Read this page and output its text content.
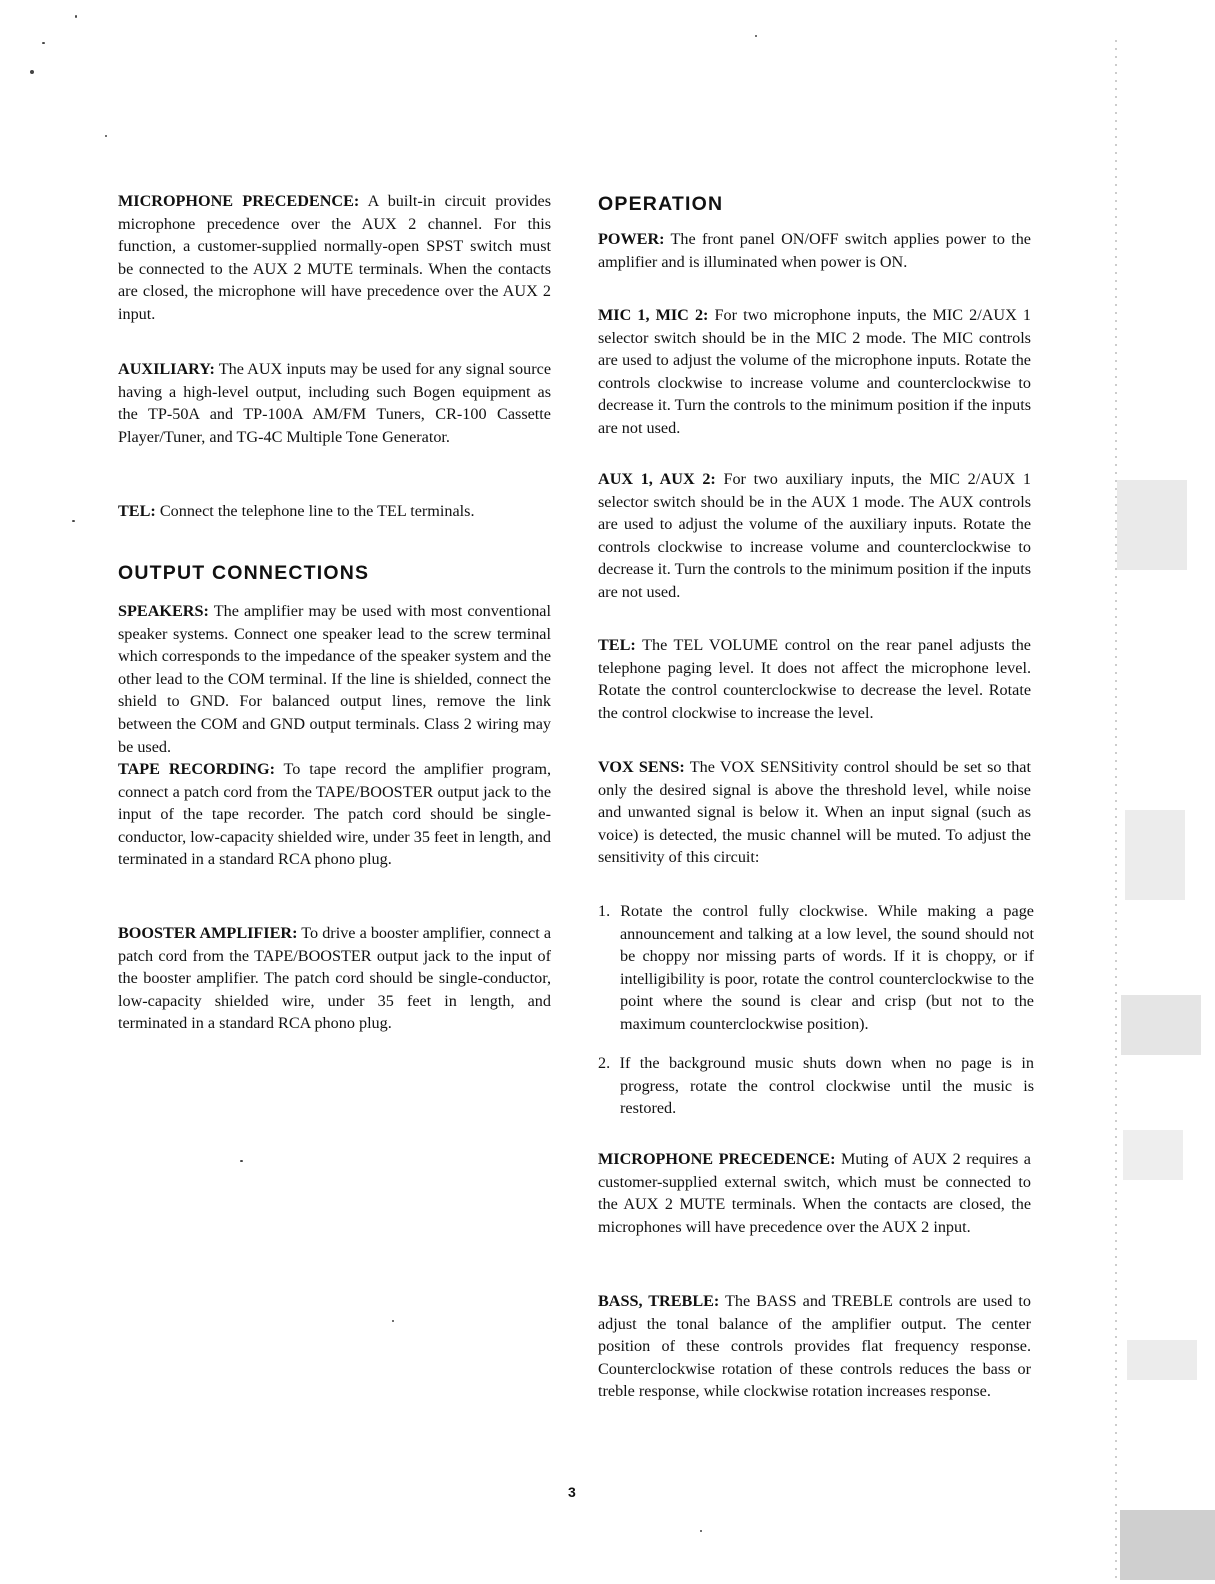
MICROPHONE PRECEDENCE: A built-in circuit provides microphone precedence over the AUX 2 channel. For this function, a customer-supplied normally-open SPST switch must be connected to the AUX 2 MUTE terminals. When the contacts are closed, the microphone will have precedence over the AUX 2 input.

AUXILIARY: The AUX inputs may be used for any signal source having a high-level output, including such Bogen equipment as the TP-50A and TP-100A AM/FM Tuners, CR-100 Cassette Player/Tuner, and TG-4C Multiple Tone Generator.

TEL: Connect the telephone line to the TEL terminals.

OUTPUT CONNECTIONS

SPEAKERS: The amplifier may be used with most conventional speaker systems. Connect one speaker lead to the screw terminal which corresponds to the impedance of the speaker system and the other lead to the COM terminal. If the line is shielded, connect the shield to GND. For balanced output lines, remove the link between the COM and GND output terminals. Class 2 wiring may be used.

TAPE RECORDING: To tape record the amplifier program, connect a patch cord from the TAPE/BOOSTER output jack to the input of the tape recorder. The patch cord should be single-conductor, low-capacity shielded wire, under 35 feet in length, and terminated in a standard RCA phono plug.

BOOSTER AMPLIFIER: To drive a booster amplifier, connect a patch cord from the TAPE/BOOSTER output jack to the input of the booster amplifier. The patch cord should be single-conductor, low-capacity shielded wire, under 35 feet in length, and terminated in a standard RCA phono plug.

OPERATION

POWER: The front panel ON/OFF switch applies power to the amplifier and is illuminated when power is ON.

MIC 1, MIC 2: For two microphone inputs, the MIC 2/AUX 1 selector switch should be in the MIC 2 mode. The MIC controls are used to adjust the volume of the microphone inputs. Rotate the controls clockwise to increase volume and counterclockwise to decrease it. Turn the controls to the minimum position if the inputs are not used.

AUX 1, AUX 2: For two auxiliary inputs, the MIC 2/AUX 1 selector switch should be in the AUX 1 mode. The AUX controls are used to adjust the volume of the auxiliary inputs. Rotate the controls clockwise to increase volume and counterclockwise to decrease it. Turn the controls to the minimum position if the inputs are not used.

TEL: The TEL VOLUME control on the rear panel adjusts the telephone paging level. It does not affect the microphone level. Rotate the control counterclockwise to decrease the level. Rotate the control clockwise to increase the level.

VOX SENS: The VOX SENSitivity control should be set so that only the desired signal is above the threshold level, while noise and unwanted signal is below it. When an input signal (such as voice) is detected, the music channel will be muted. To adjust the sensitivity of this circuit:

1. Rotate the control fully clockwise. While making a page announcement and talking at a low level, the sound should not be choppy nor missing parts of words. If it is choppy, or if intelligibility is poor, rotate the control counterclockwise to the point where the sound is clear and crisp (but not to the maximum counterclockwise position).

2. If the background music shuts down when no page is in progress, rotate the control clockwise until the music is restored.

MICROPHONE PRECEDENCE: Muting of AUX 2 requires a customer-supplied external switch, which must be connected to the AUX 2 MUTE terminals. When the contacts are closed, the microphones will have precedence over the AUX 2 input.

BASS, TREBLE: The BASS and TREBLE controls are used to adjust the tonal balance of the amplifier output. The center position of these controls provides flat frequency response. Counterclockwise rotation of these controls reduces the bass or treble response, while clockwise rotation increases response.

3
